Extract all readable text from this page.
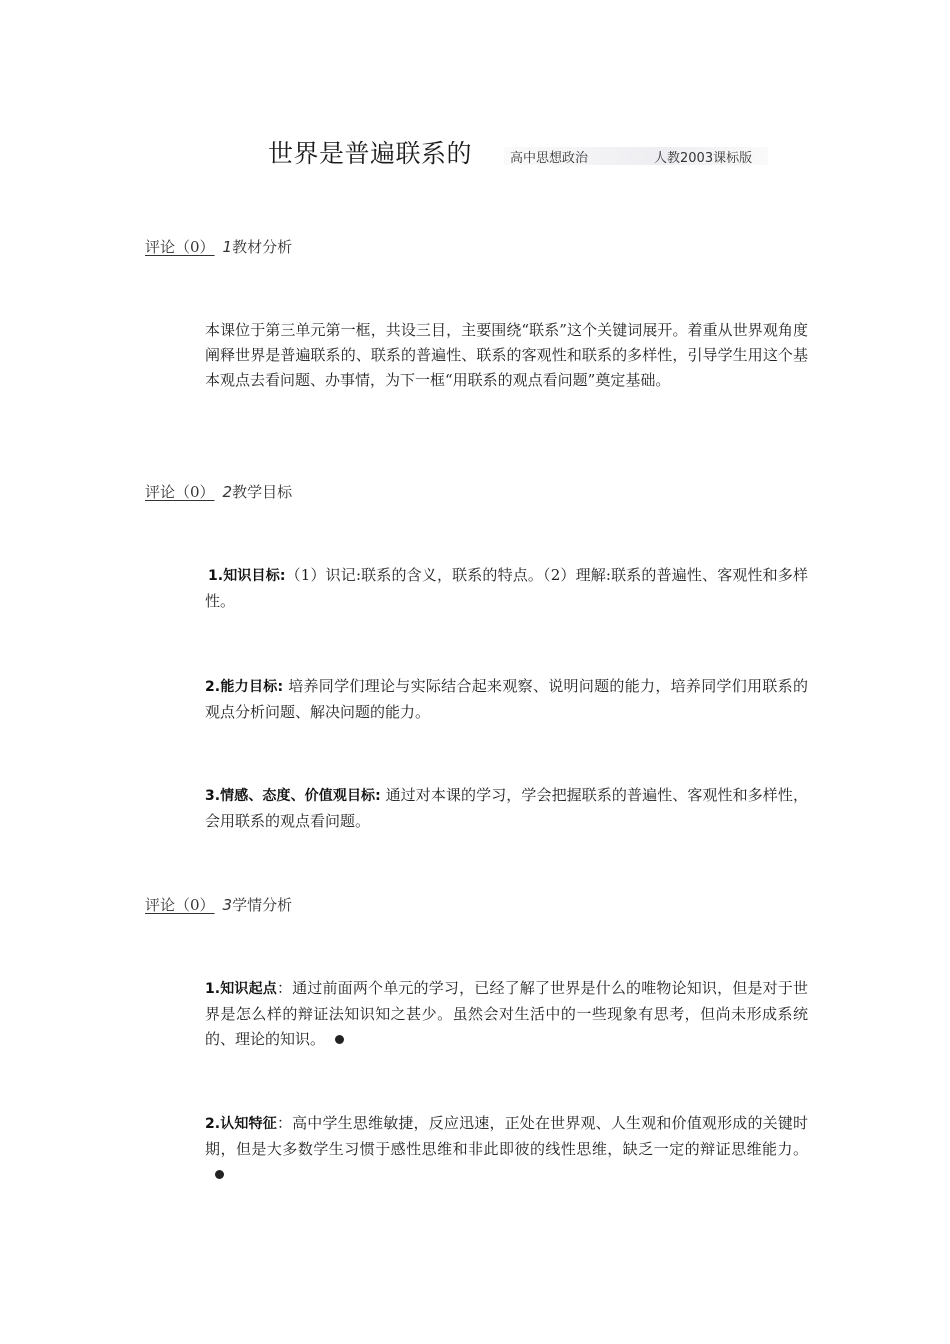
世界是普遍联系的	高中思想政治	人教2003课标版
评论（0） 1教材分析

本课位于第三单元第一框，共设三目，主要围绕“联系”这个关键词展开。着重从世界观角度阐释世界是普遍联系的、联系的普遍性、联系的客观性和联系的多样性，引导学生用这个基本观点去看问题、办事情，为下一框“用联系的观点看问题”奠定基础。

评论（0） 2教学目标

1.知识目标:（1）识记:联系的含义，联系的特点。（2）理解:联系的普遍性、客观性和多样性。

2.能力目标: 培养同学们理论与实际结合起来观察、说明问题的能力，培养同学们用联系的观点分析问题、解决问题的能力。

3.情感、态度、价值观目标: 通过对本课的学习，学会把握联系的普遍性、客观性和多样性，会用联系的观点看问题。

评论（0） 3学情分析

1.知识起点：通过前面两个单元的学习，已经了解了世界是什么的唯物论知识，但是对于世界是怎么样的辩证法知识知之甚少。虽然会对生活中的一些现象有思考，但尚未形成系统的、理论的知识。

2.认知特征：高中学生思维敏捷，反应迅速，正处在世界观、人生观和价值观形成的关键时期，但是大多数学生习惯于感性思维和非此即彼的线性思维，缺乏一定的辩证思维能力。
